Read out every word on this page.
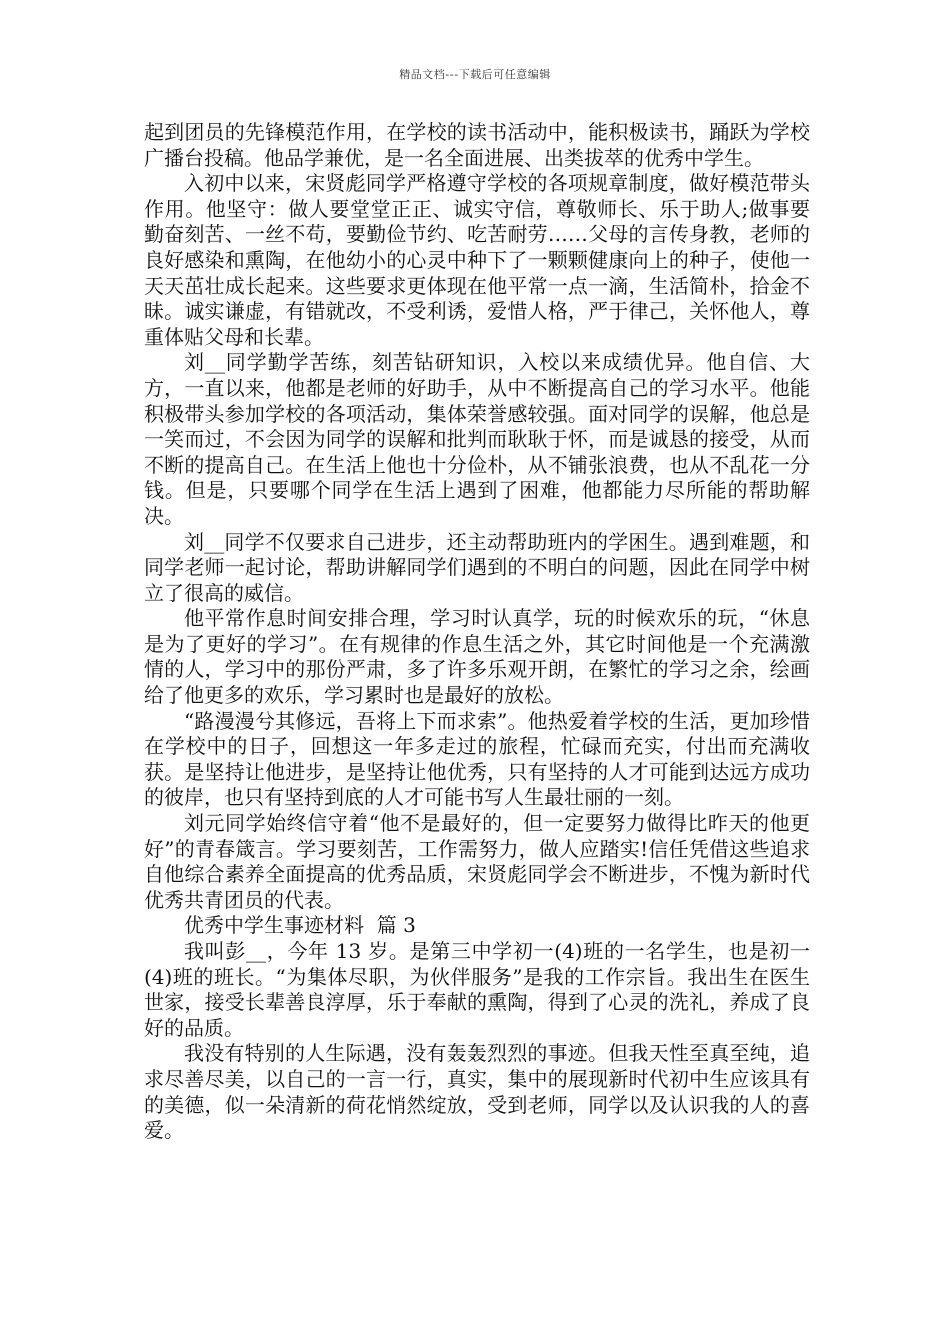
精品文档---下载后可任意编辑

起到团员的先锋模范作用，在学校的读书活动中，能积极读书，踊跃为学校广播台投稿。他品学兼优，是一名全面进展、出类拔萃的优秀中学生。

入初中以来，宋贤彪同学严格遵守学校的各项规章制度，做好模范带头作用。他坚守：做人要堂堂正正、诚实守信，尊敬师长、乐于助人;做事要勤奋刻苦、一丝不苟，要勤俭节约、吃苦耐劳……父母的言传身教，老师的良好感染和熏陶，在他幼小的心灵中种下了一颗颗健康向上的种子，使他一天天茁壮成长起来。这些要求更体现在他平常一点一滴，生活简朴，拾金不昧。诚实谦虚，有错就改，不受利诱，爱惜人格，严于律己，关怀他人，尊重体贴父母和长辈。

刘__同学勤学苦练，刻苦钻研知识，入校以来成绩优异。他自信、大方，一直以来，他都是老师的好助手，从中不断提高自己的学习水平。他能积极带头参加学校的各项活动，集体荣誉感较强。面对同学的误解，他总是一笑而过，不会因为同学的误解和批判而耿耿于怀，而是诚恳的接受，从而不断的提高自己。在生活上他也十分俭朴，从不铺张浪费，也从不乱花一分钱。但是，只要哪个同学在生活上遇到了困难，他都能力尽所能的帮助解决。

刘__同学不仅要求自己进步，还主动帮助班内的学困生。遇到难题，和同学老师一起讨论，帮助讲解同学们遇到的不明白的问题，因此在同学中树立了很高的威信。

他平常作息时间安排合理，学习时认真学，玩的时候欢乐的玩，“休息是为了更好的学习”。在有规律的作息生活之外，其它时间他是一个充满激情的人，学习中的那份严肃，多了许多乐观开朗，在繁忙的学习之余，绘画给了他更多的欢乐，学习累时也是最好的放松。

“路漫漫兮其修远，吾将上下而求索”。他热爱着学校的生活，更加珍惜在学校中的日子，回想这一年多走过的旅程，忙碌而充实，付出而充满收获。是坚持让他进步，是坚持让他优秀，只有坚持的人才可能到达远方成功的彼岸，也只有坚持到底的人才可能书写人生最壮丽的一刻。

刘元同学始终信守着“他不是最好的，但一定要努力做得比昨天的他更好”的青春箴言。学习要刻苦，工作需努力，做人应踏实!信任凭借这些追求自他综合素养全面提高的优秀品质，宋贤彪同学会不断进步，不愧为新时代优秀共青团员的代表。

优秀中学生事迹材料  篇 3

我叫彭__，今年 13 岁。是第三中学初一(4)班的一名学生，也是初一(4)班的班长。“为集体尽职，为伙伴服务”是我的工作宗旨。我出生在医生世家，接受长辈善良淳厚，乐于奉献的熏陶，得到了心灵的洗礼，养成了良好的品质。

我没有特别的人生际遇，没有轰轰烈烈的事迹。但我天性至真至纯，追求尽善尽美，以自己的一言一行，真实，集中的展现新时代初中生应该具有的美德，似一朵清新的荷花悄然绽放，受到老师，同学以及认识我的人的喜爱。
